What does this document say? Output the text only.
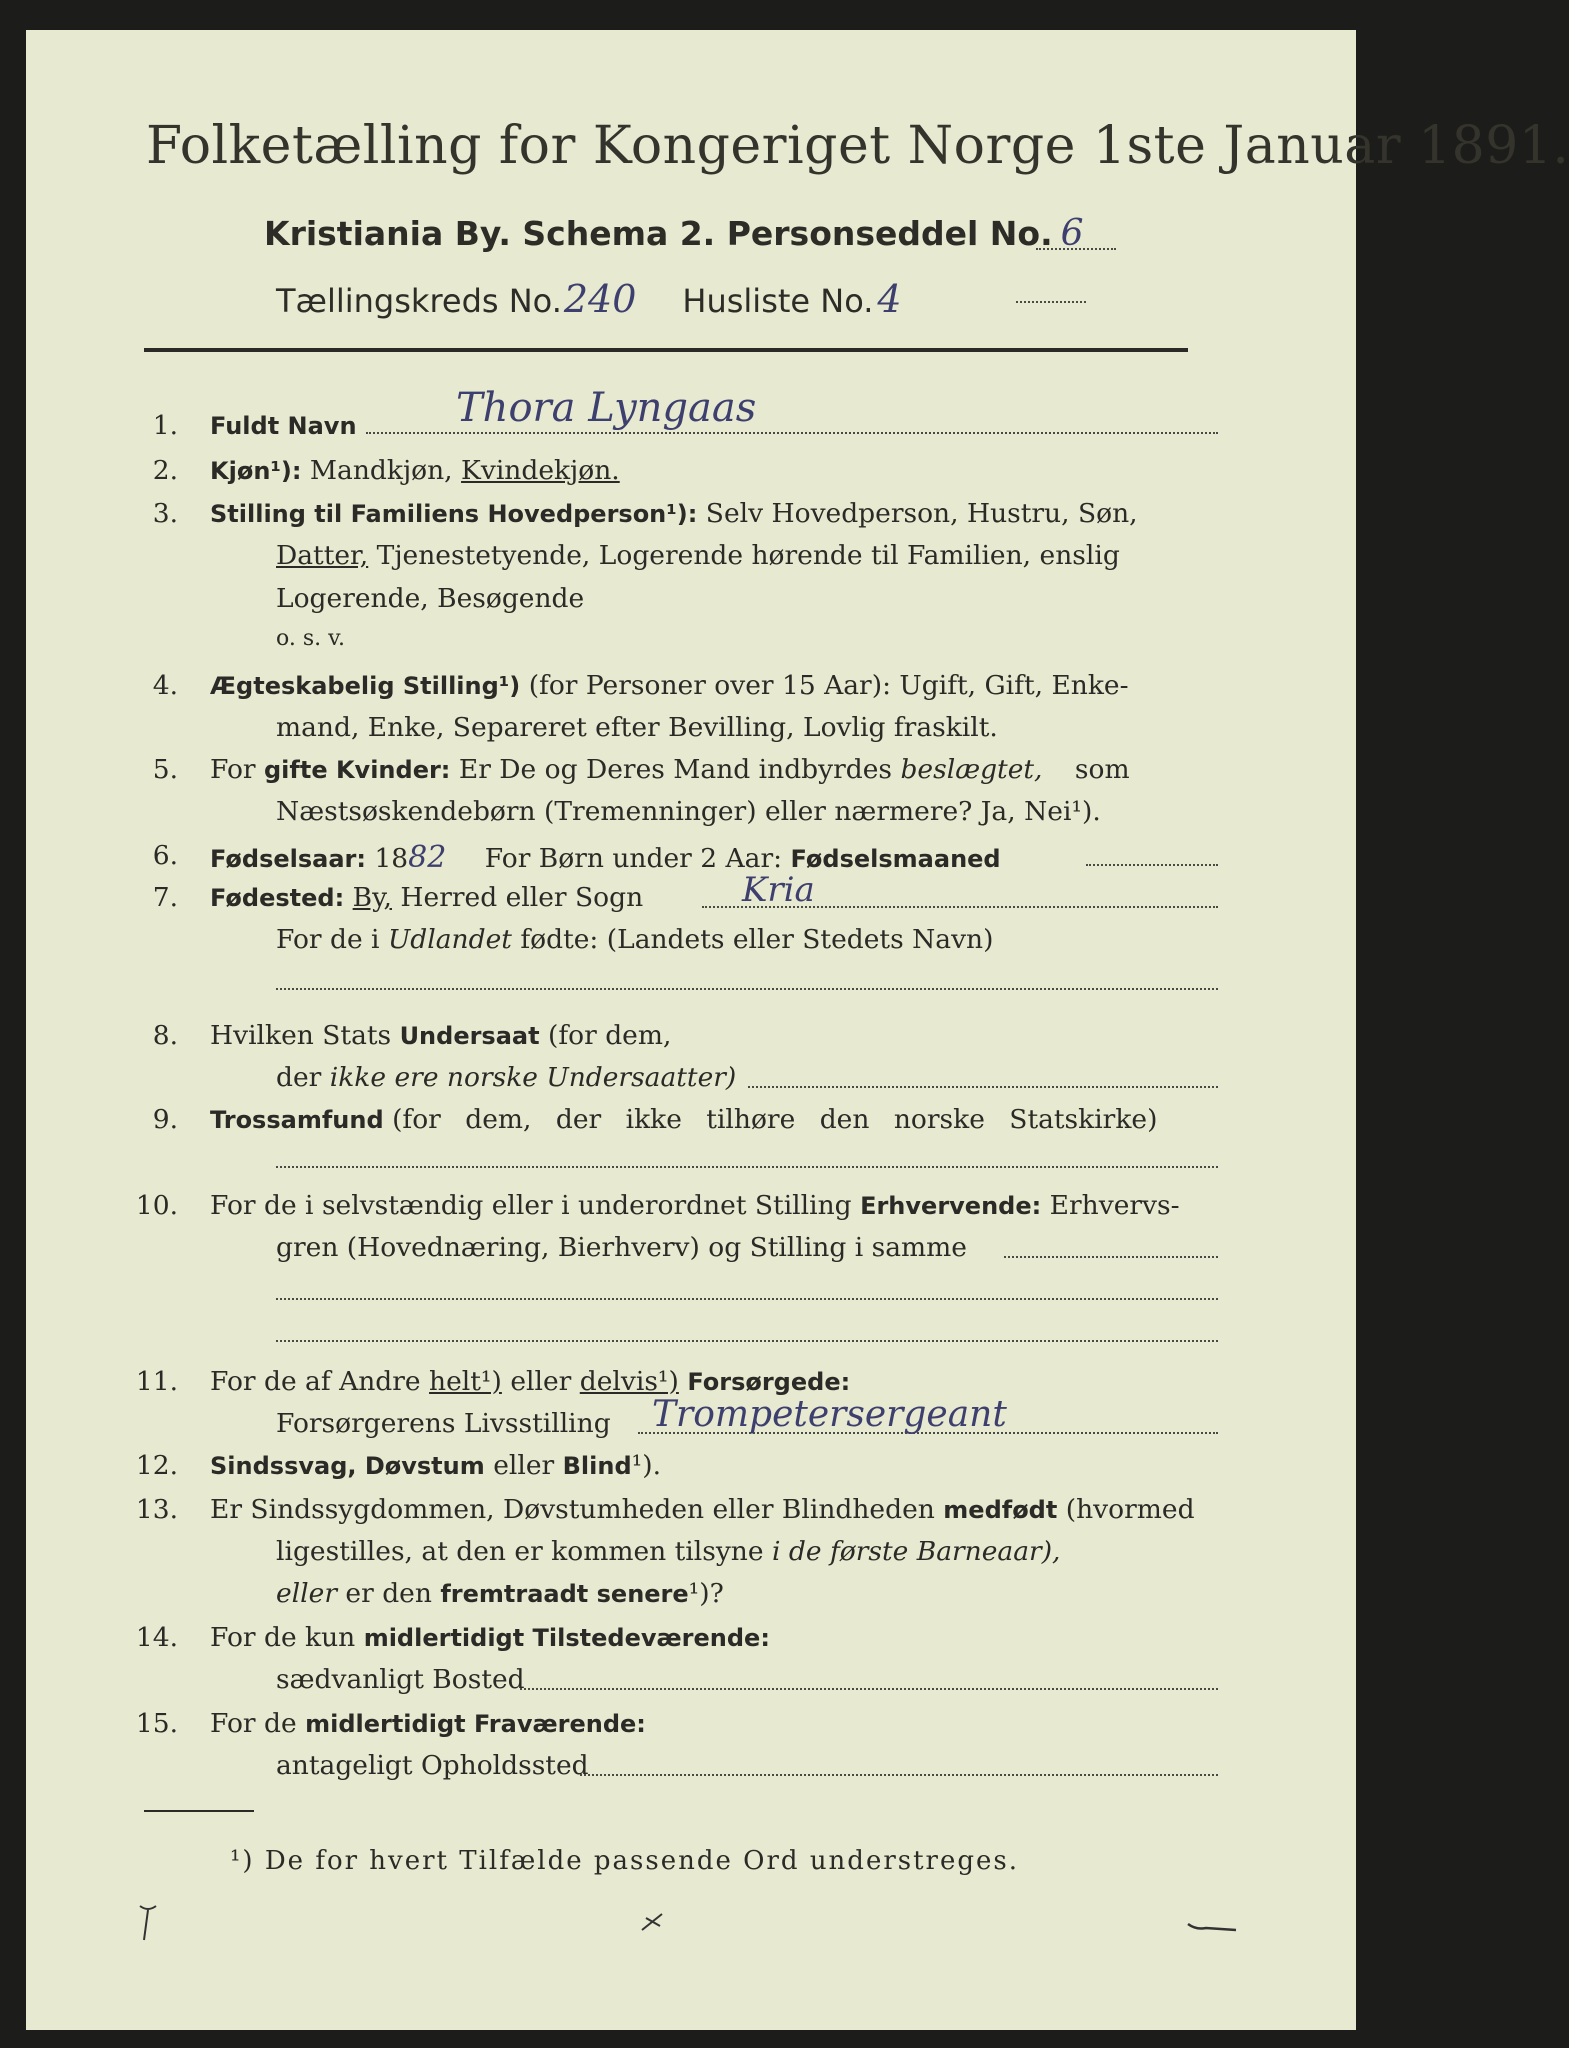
Folketælling for Kongeriget Norge 1ste Januar 1891.
Kristiania By. Schema 2. Personseddel No. 6
Tællingskreds No.240 Husliste No. 4
1. Fuldt Navn Thora Lyngaas
2. Kjøn¹): Mandkjøn, Kvindekjøn.
3. Stilling til Familiens Hovedperson¹): Selv Hovedperson, Hustru, Søn,
Datter, Tjenestetyende, Logerende hørende til Familien, enslig
Logerende, Besøgende
o. s. v.
4. Ægteskabelig Stilling¹) (for Personer over 15 Aar): Ugift, Gift, Enke-
mand, Enke, Separeret efter Bevilling, Lovlig fraskilt.
5. For gifte Kvinder: Er De og Deres Mand indbyrdes beslægtet, som
Næstsøskendebørn (Tremenninger) eller nærmere? Ja, Nei¹).
6. Fødselsaar: 1882 For Børn under 2 Aar: Fødselsmaaned
7. Fødested: By, Herred eller Sogn	Kria
For de i Udlandet fødte: (Landets eller Stedets Navn)
8. Hvilken Stats Undersaat (for dem,
der ikke ere norske Undersaatter)
9. Trossamfund (for dem, der ikke tilhøre den norske Statskirke)
10. For de i selvstændig eller i underordnet Stilling Erhvervende: Erhvervs-
gren (Hovednæring, Bierhverv) og Stilling i samme
11. For de af Andre helt¹) eller delvis¹) Forsørgede:
Forsørgerens Livsstilling Trompetersergeant
12. Sindssvag, Døvstum eller Blind¹).
13. Er Sindssygdommen, Døvstumheden eller Blindheden medfødt (hvormed
ligestilles, at den er kommen tilsyne i de første Barneaar),
eller er den fremtraadt senere¹)?
14. For de kun midlertidigt Tilstedeværende:
sædvanligt Bosted
15. For de midlertidigt Fraværende:
antageligt Opholdssted
¹) De for hvert Tilfælde passende Ord understreges.
